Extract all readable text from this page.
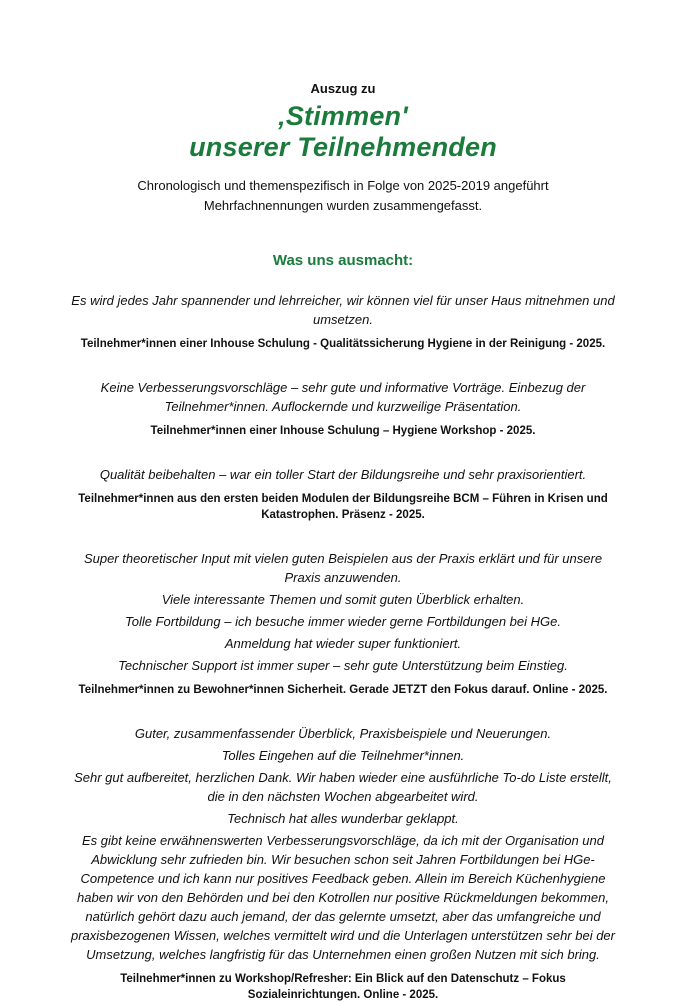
Auszug zu

‚Stimmen'
unserer Teilnehmenden

Chronologisch und themenspezifisch in Folge von 2025-2019 angeführt Mehrfachnennungen wurden zusammengefasst.

Was uns ausmacht:

Es wird jedes Jahr spannender und lehrreicher, wir können viel für unser Haus mitnehmen und umsetzen.

Teilnehmer*innen einer Inhouse Schulung - Qualitätssicherung Hygiene in der Reinigung - 2025.

Keine Verbesserungsvorschläge – sehr gute und informative Vorträge. Einbezug der Teilnehmer*innen. Auflockernde und kurzweilige Präsentation.

Teilnehmer*innen einer Inhouse Schulung – Hygiene Workshop - 2025.

Qualität beibehalten – war ein toller Start der Bildungsreihe und sehr praxisorientiert.

Teilnehmer*innen aus den ersten beiden Modulen der Bildungsreihe BCM – Führen in Krisen und Katastrophen. Präsenz - 2025.

Super theoretischer Input mit vielen guten Beispielen aus der Praxis erklärt und für unsere Praxis anzuwenden.

Viele interessante Themen und somit guten Überblick erhalten.

Tolle Fortbildung – ich besuche immer wieder gerne Fortbildungen bei HGe.

Anmeldung hat wieder super funktioniert.

Technischer Support ist immer super – sehr gute Unterstützung beim Einstieg.

Teilnehmer*innen zu Bewohner*innen Sicherheit. Gerade JETZT den Fokus darauf. Online - 2025.

Guter, zusammenfassender Überblick, Praxisbeispiele und Neuerungen.

Tolles Eingehen auf die Teilnehmer*innen.

Sehr gut aufbereitet, herzlichen Dank. Wir haben wieder eine ausführliche To-do Liste erstellt, die in den nächsten Wochen abgearbeitet wird.

Technisch hat alles wunderbar geklappt.

Es gibt keine erwähnenswerten Verbesserungsvorschläge, da ich mit der Organisation und Abwicklung sehr zufrieden bin. Wir besuchen schon seit Jahren Fortbildungen bei HGe-Competence und ich kann nur positives Feedback geben. Allein im Bereich Küchenhygiene haben wir von den Behörden und bei den Kotrollen nur positive Rückmeldungen bekommen, natürlich gehört dazu auch jemand, der das gelernte umsetzt, aber das umfangreiche und praxisbezogenen Wissen, welches vermittelt wird und die Unterlagen unterstützen sehr bei der Umsetzung, welches langfristig für das Unternehmen einen großen Nutzen mit sich bring.

Teilnehmer*innen zu Workshop/Refresher: Ein Blick auf den Datenschutz – Fokus Sozialeinrichtungen. Online - 2025.
